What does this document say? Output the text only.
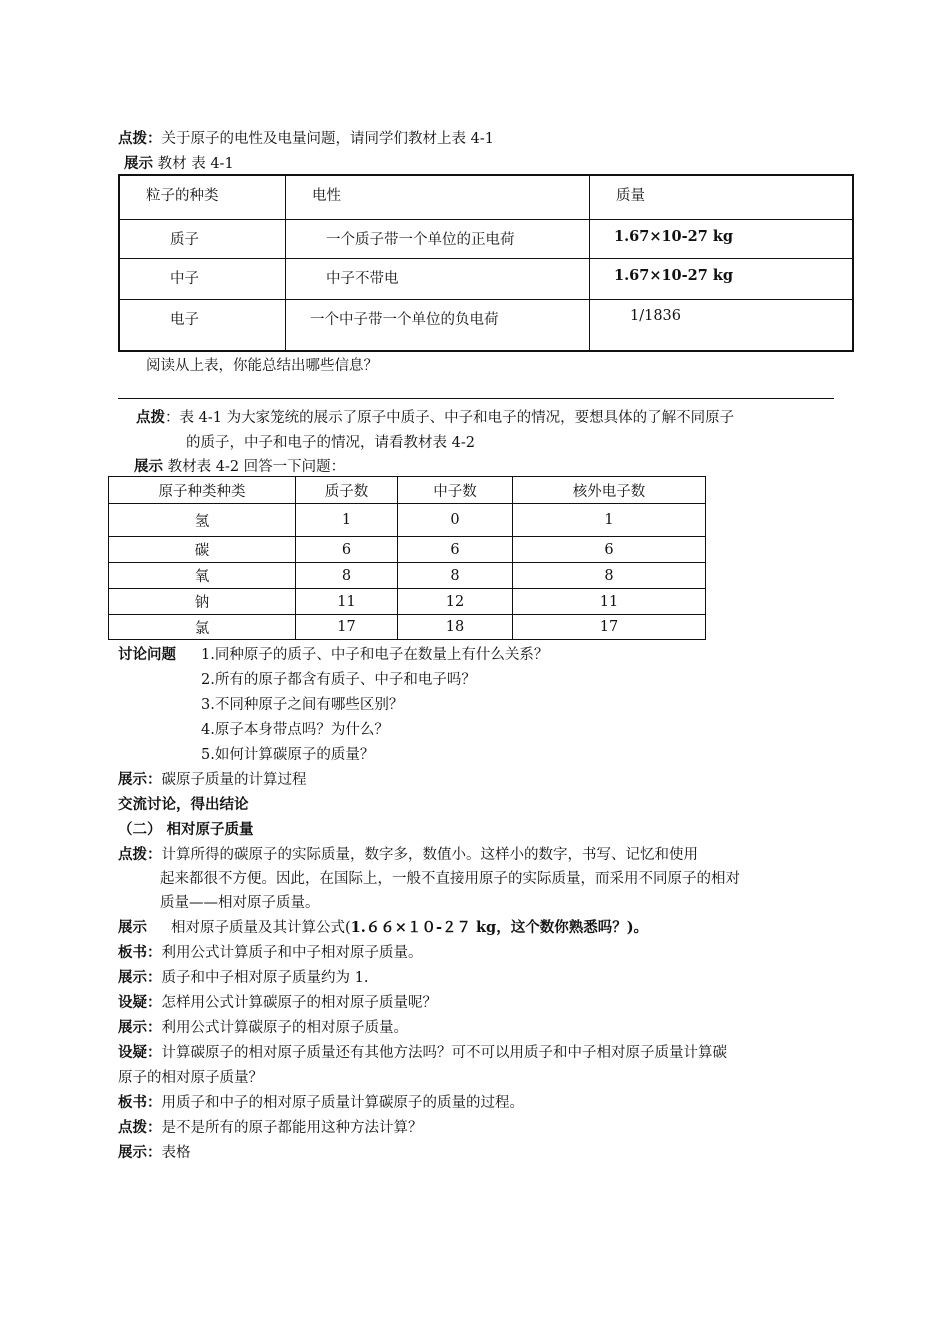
点拨：关于原子的电性及电量问题，请同学们教材上表 4-1
展示 教材 表 4-1
粒子的种类	电性	质量

质子	一个质子带一个单位的正电荷	1.67×10-27 kg

中子	中子不带电	1.67×10-27 kg

电子	一个中子带一个单位的负电荷	1/1836
阅读从上表，你能总结出哪些信息？
点拨：表 4-1 为大家笼统的展示了原子中质子、中子和电子的情况，要想具体的了解不同原子
的质子，中子和电子的情况，请看教材表 4-2
展示 教材表 4-2 回答一下问题：
原子种类种类	质子数	中子数	核外电子数
氢	1	0	1
碳	6	6	6
氧	8	8	8
钠	11	12	11
氯	17	18	17
讨论问题 1.同种原子的质子、中子和电子在数量上有什么关系？
2.所有的原子都含有质子、中子和电子吗？
3.不同种原子之间有哪些区别？
4.原子本身带点吗？为什么？
5.如何计算碳原子的质量？
展示：碳原子质量的计算过程
交流讨论，得出结论
（二） 相对原子质量
点拨：计算所得的碳原子的实际质量，数字多，数值小。这样小的数字，书写、记忆和使用
起来都很不方便。因此，在国际上，一般不直接用原子的实际质量，而采用不同原子的相对
质量——相对原子质量。
展示 相对原子质量及其计算公式(1.６６×１０-２７ kg，这个数你熟悉吗？)。
板书：利用公式计算质子和中子相对原子质量。
展示：质子和中子相对原子质量约为 1.
设疑：怎样用公式计算碳原子的相对原子质量呢？
展示：利用公式计算碳原子的相对原子质量。
设疑：计算碳原子的相对原子质量还有其他方法吗？可不可以用质子和中子相对原子质量计算碳
原子的相对原子质量？
板书：用质子和中子的相对原子质量计算碳原子的质量的过程。
点拨：是不是所有的原子都能用这种方法计算？
展示：表格
